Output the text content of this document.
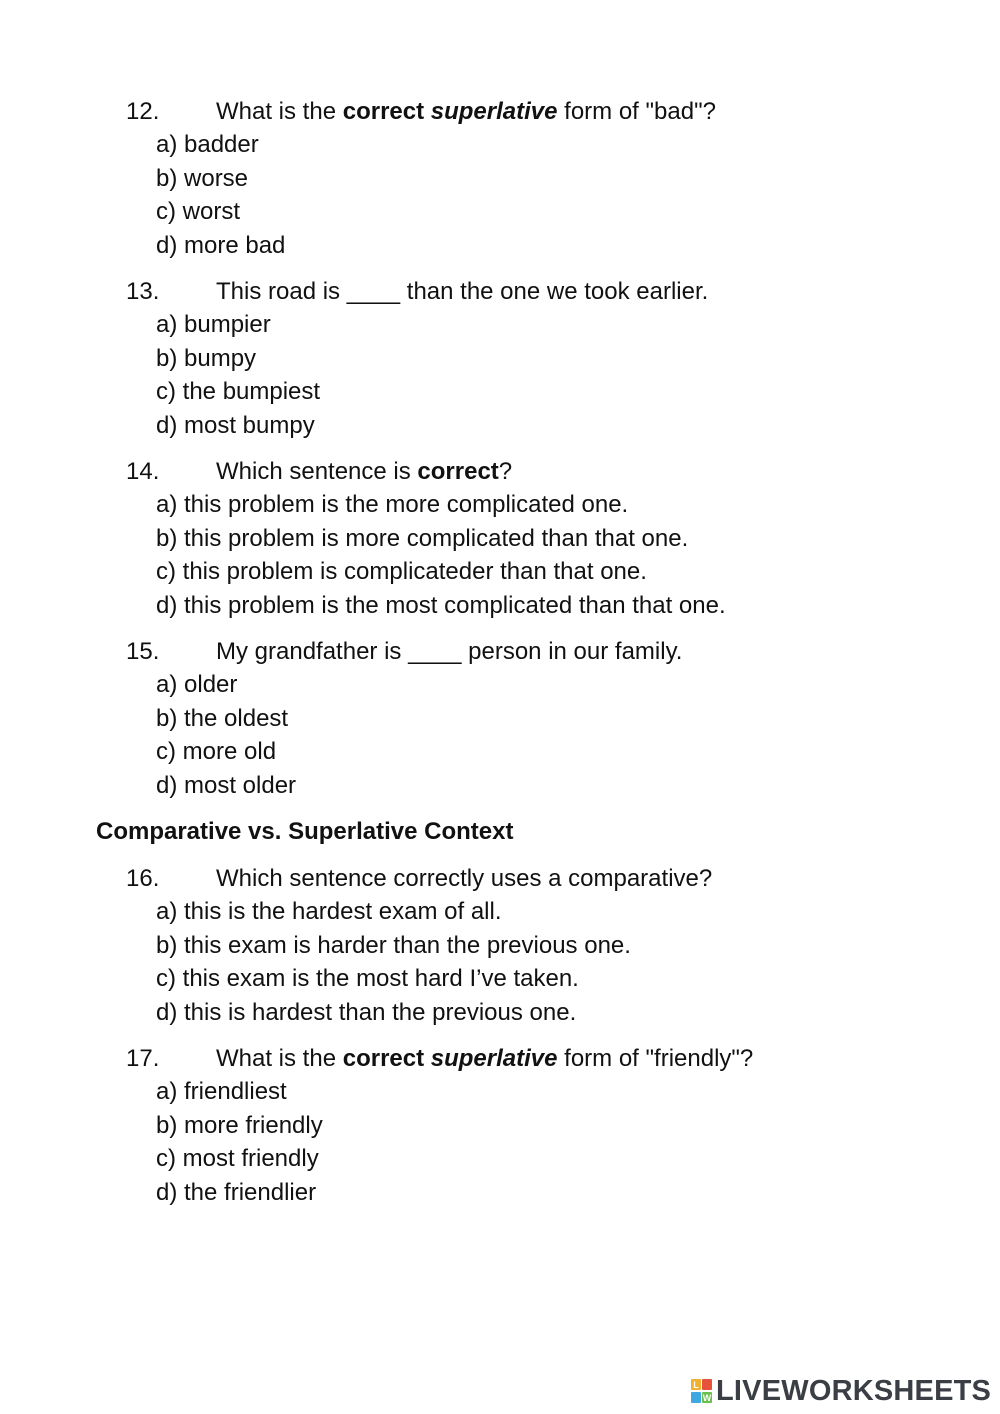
12. What is the correct superlative form of "bad"?
a) badder
b) worse
c) worst
d) more bad
13. This road is ____ than the one we took earlier.
a) bumpier
b) bumpy
c) the bumpiest
d) most bumpy
14. Which sentence is correct?
a) this problem is the more complicated one.
b) this problem is more complicated than that one.
c) this problem is complicateder than that one.
d) this problem is the most complicated than that one.
15. My grandfather is ____ person in our family.
a) older
b) the oldest
c) more old
d) most older
Comparative vs. Superlative Context
16. Which sentence correctly uses a comparative?
a) this is the hardest exam of all.
b) this exam is harder than the previous one.
c) this exam is the most hard I’ve taken.
d) this is hardest than the previous one.
17. What is the correct superlative form of "friendly"?
a) friendliest
b) more friendly
c) most friendly
d) the friendlier
L
W LIVEWORKSHEETS
